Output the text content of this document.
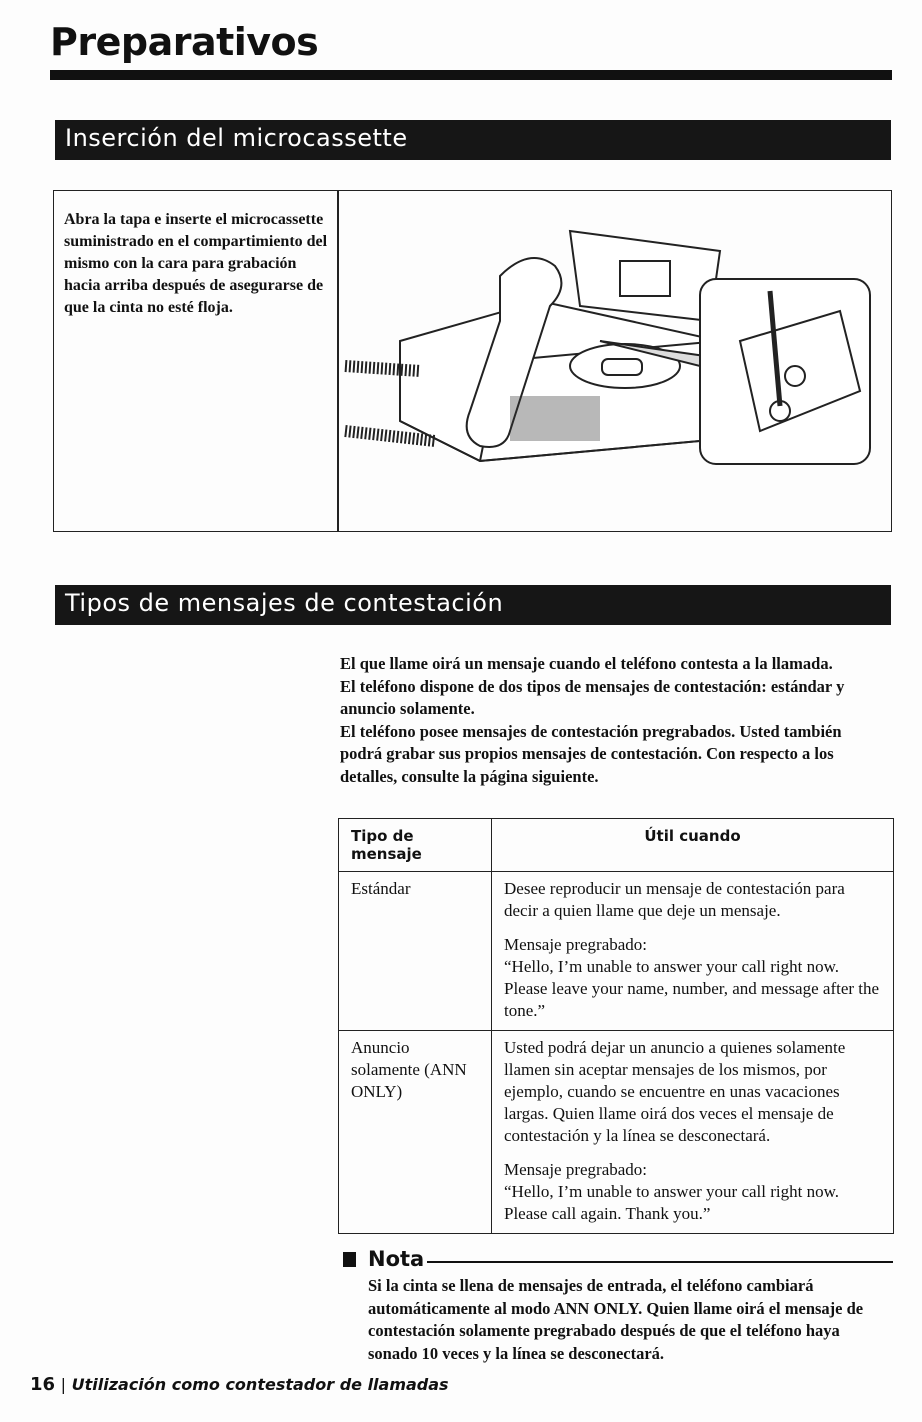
Preparativos
Inserción del microcassette
Abra la tapa e inserte el microcassette suministrado en el compartimiento del mismo con la cara para grabación hacia arriba después de asegurarse de que la cinta no esté floja.
Tipos de mensajes de contestación

El que llame oirá un mensaje cuando el teléfono contesta a la llamada.

El teléfono dispone de dos tipos de mensajes de contestación: estándar y anuncio solamente.

El teléfono posee mensajes de contestación pregrabados. Usted también podrá grabar sus propios mensajes de contestación. Con respecto a los detalles, consulte la página siguiente.

Tipo de mensaje	Útil cuando
Estándar	Desee reproducir un mensaje de contestación para decir a quien llame que deje un mensaje.

Mensaje pregrabado:
“Hello, I’m unable to answer your call right now. Please leave your name, number, and message after the tone.”

Anuncio solamente (ANN ONLY)	Usted podrá dejar un anuncio a quienes solamente llamen sin aceptar mensajes de los mismos, por ejemplo, cuando se encuentre en unas vacaciones largas. Quien llame oirá dos veces el mensaje de contestación y la línea se desconectará.

Mensaje pregrabado:
“Hello, I’m unable to answer your call right now. Please call again. Thank you.”

Nota
Si la cinta se llena de mensajes de entrada, el teléfono cambiará automáticamente al modo ANN ONLY. Quien llame oirá el mensaje de contestación solamente pregrabado después de que el teléfono haya sonado 10 veces y la línea se desconectará.
16 | Utilización como contestador de llamadas
